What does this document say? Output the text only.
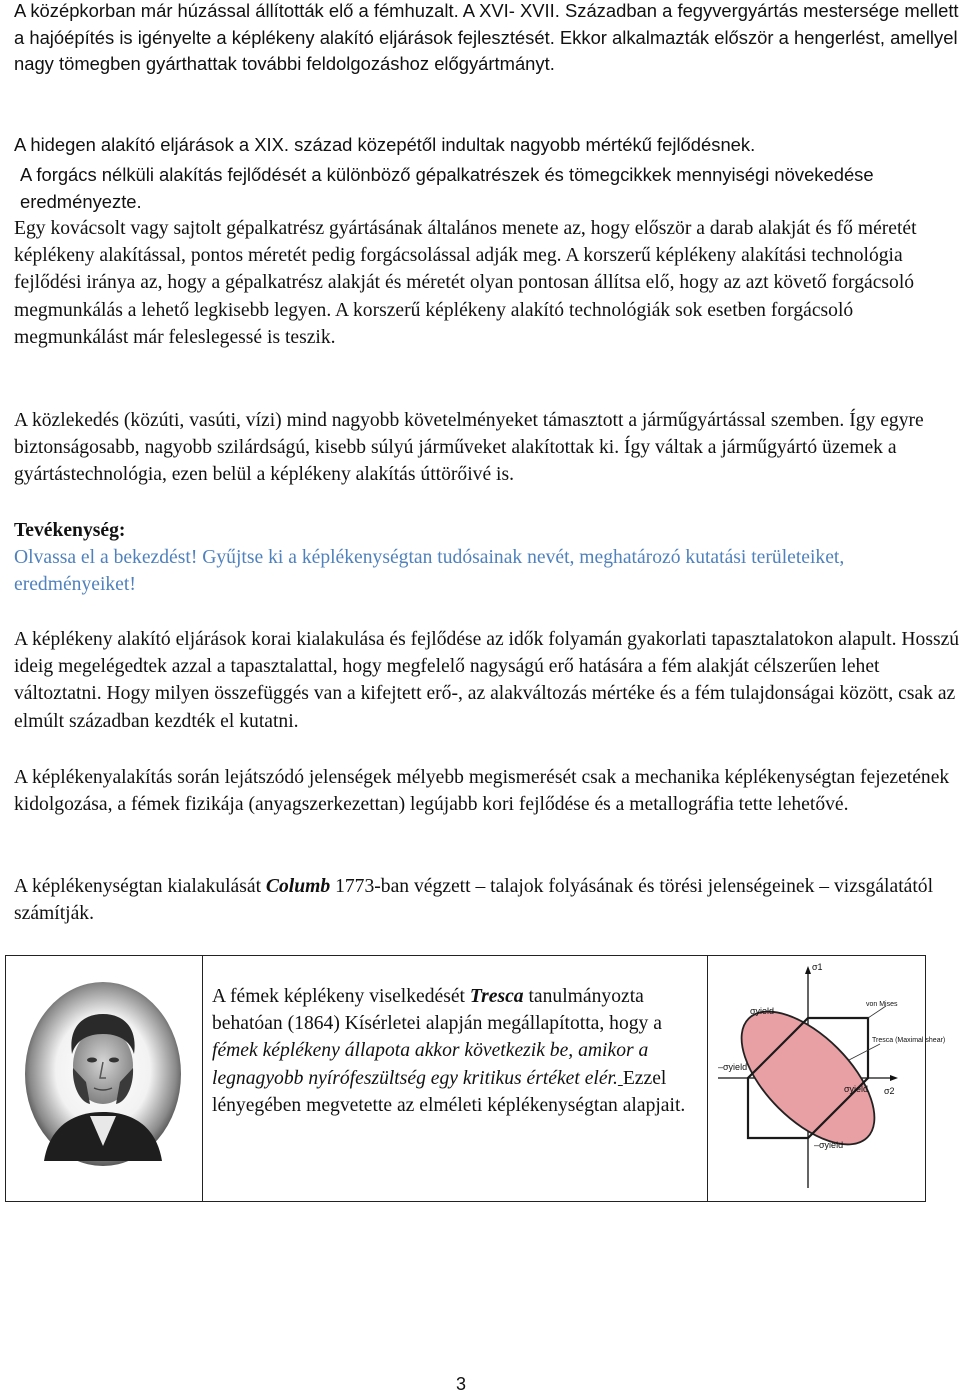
A középkorban már húzással állították elő a fémhuzalt. A XVI- XVII. Században a fegyvergyártás mestersége mellett a hajóépítés is igényelte a képlékeny alakító eljárások fejlesztését. Ekkor alkalmazták először a hengerlést, amellyel nagy tömegben gyárthattak további feldolgozáshoz előgyártmányt.

A hidegen alakító eljárások a XIX. század közepétől indultak nagyobb mértékű fejlődésnek.

A forgács nélküli alakítás fejlődését a különböző gépalkatrészek és tömegcikkek mennyiségi növekedése eredményezte.

Egy kovácsolt vagy sajtolt gépalkatrész gyártásának általános menete az, hogy először a darab alakját és fő méretét képlékeny alakítással, pontos méretét pedig forgácsolással adják meg. A korszerű képlékeny alakítási technológia fejlődési iránya az, hogy a gépalkatrész alakját és méretét olyan pontosan állítsa elő, hogy az azt követő forgácsoló megmunkálás a lehető legkisebb legyen. A korszerű képlékeny alakító technológiák sok esetben forgácsoló megmunkálást már feleslegessé is teszik.

A közlekedés (közúti, vasúti, vízi) mind nagyobb követelményeket támasztott a járműgyártással szemben. Így egyre biztonságosabb, nagyobb szilárdságú, kisebb súlyú járműveket alakítottak ki. Így váltak a járműgyártó üzemek a gyártástechnológia, ezen belül a képlékeny alakítás úttörőivé is.

Tevékenység:
Olvassa el a bekezdést! Gyűjtse ki a képlékenységtan tudósainak nevét, meghatározó kutatási területeiket, eredményeiket!

A képlékeny alakító eljárások korai kialakulása és fejlődése az idők folyamán gyakorlati tapasztalatokon alapult. Hosszú ideig megelégedtek azzal a tapasztalattal, hogy megfelelő nagyságú erő hatására a fém alakját célszerűen lehet változtatni. Hogy milyen összefüggés van a kifejtett erő-, az alakváltozás mértéke és a fém tulajdonságai között, csak az elmúlt században kezdték el kutatni.

A képlékenyalakítás során lejátszódó jelenségek mélyebb megismerését csak a mechanika képlékenységtan fejezetének kidolgozása, a fémek fizikája (anyagszerkezettan) legújabb kori fejlődése és a metallográfia tette lehetővé.

A képlékenységtan kialakulását Columb 1773-ban végzett – talajok folyásának és törési jelenségeinek – vizsgálatától számítják.

A fémek képlékeny viselkedését Tresca tanulmányozta behatóan (1864) Kísérletei alapján megállapította, hogy a fémek képlékeny állapota akkor következik be, amikor a legnagyobb nyírófeszültség egy kritikus értéket elér. Ezzel lényegében megvetette az elméleti képlékenységtan alapjait.

σ1
σ2
σyield
–σyield
σyield
–σyield
von Mises
Tresca (Maximal shear)
3
